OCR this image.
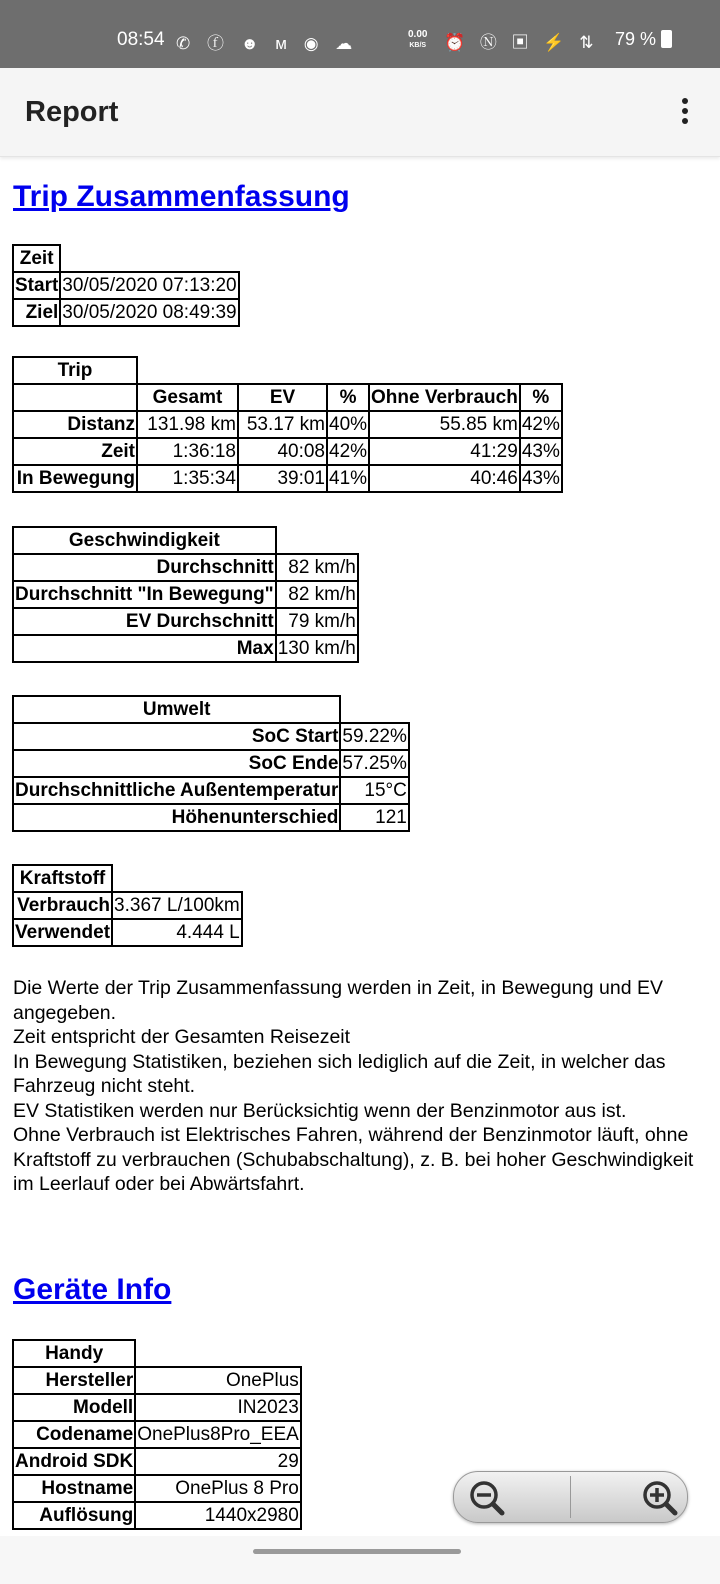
08:54 ✆ ⓕ ☻ ᴍ ◉ ☁	0.00
KB/S ⏰ Ⓝ ▣ ⚡ ⇅ 79 %
Report
Trip Zusammenfassung
Zeit	
Start	30/05/2020 07:13:20
Ziel	30/05/2020 08:49:39
Trip					
	Gesamt	EV	%	Ohne Verbrauch	%
Distanz	131.98 km	53.17 km	40%	55.85 km	42%
Zeit	1:36:18	40:08	42%	41:29	43%
In Bewegung	1:35:34	39:01	41%	40:46	43%
Geschwindigkeit	
Durchschnitt	82 km/h
Durchschnitt "In Bewegung"	82 km/h
EV Durchschnitt	79 km/h
Max	130 km/h
Umwelt	
SoC Start	59.22%
SoC Ende	57.25%
Durchschnittliche Außentemperatur	15°C
Höhenunterschied	121
Kraftstoff	
Verbrauch	3.367 L/100km
Verwendet	4.444 L

Die Werte der Trip Zusammenfassung werden in Zeit, in Bewegung und EV angegeben.

Zeit entspricht der Gesamten Reisezeit

In Bewegung Statistiken, beziehen sich lediglich auf die Zeit, in welcher das Fahrzeug nicht steht.

EV Statistiken werden nur Berücksichtig wenn der Benzinmotor aus ist.

Ohne Verbrauch ist Elektrisches Fahren, während der Benzinmotor läuft, ohne Kraftstoff zu verbrauchen (Schubabschaltung), z. B. bei hoher Geschwindigkeit im Leerlauf oder bei Abwärtsfahrt.

Geräte Info
Handy	
Hersteller	OnePlus
Modell	IN2023
Codename	OnePlus8Pro_EEA
Android SDK	29
Hostname	OnePlus 8 Pro
Auflösung	1440x2980
